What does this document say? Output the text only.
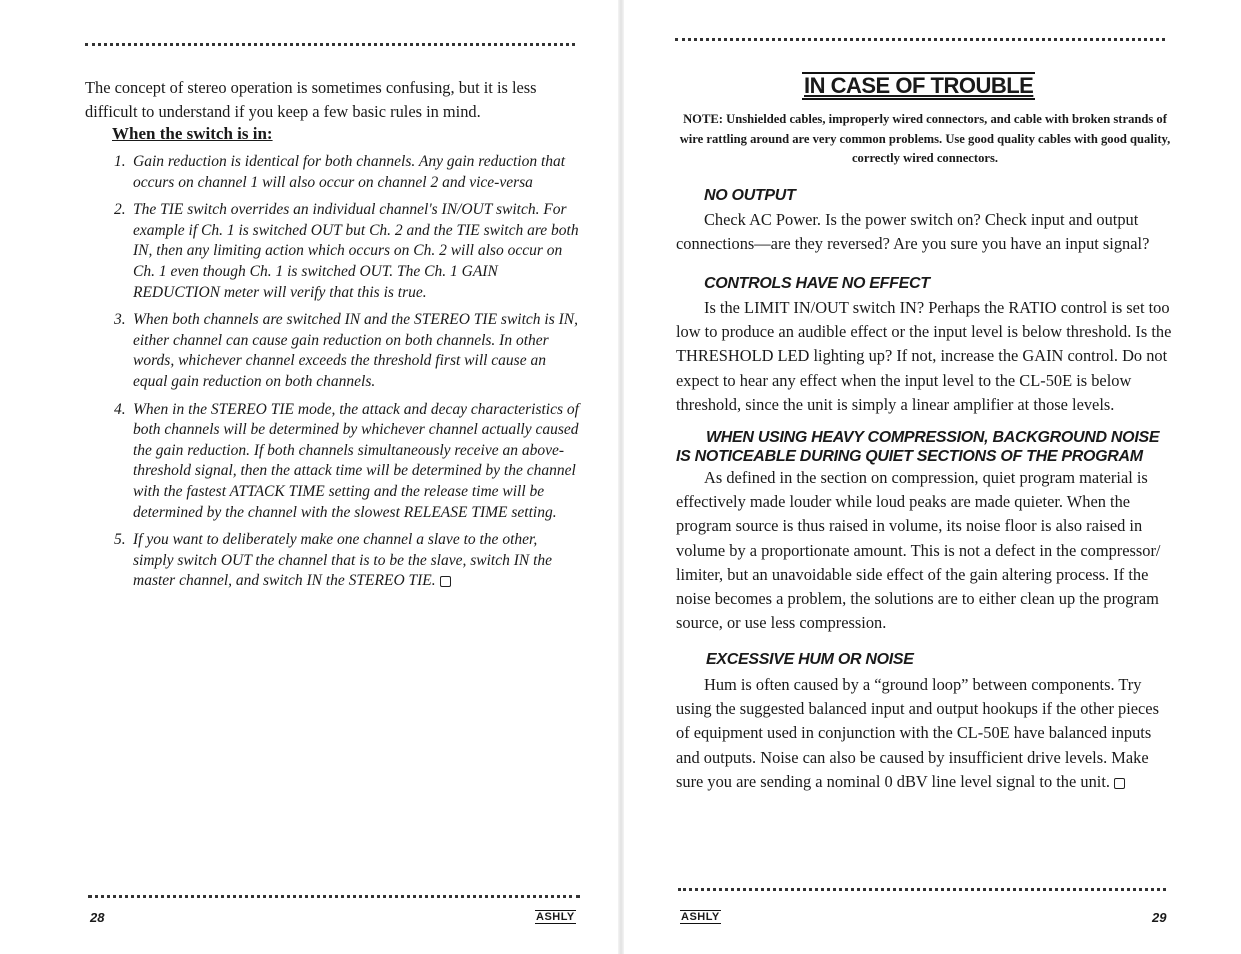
The concept of stereo operation is sometimes confusing, but it is less difficult to understand if you keep a few basic rules in mind.

When the switch is in:

1. Gain reduction is identical for both channels. Any gain reduction that occurs on channel 1 will also occur on channel 2 and vice-versa
2. The TIE switch overrides an individual channel's IN/OUT switch. For example if Ch. 1 is switched OUT but Ch. 2 and the TIE switch are both IN, then any limiting action which occurs on Ch. 2 will also occur on Ch. 1 even though Ch. 1 is switched OUT. The Ch. 1 GAIN REDUCTION meter will verify that this is true.
3. When both channels are switched IN and the STEREO TIE switch is IN, either channel can cause gain reduction on both channels. In other words, whichever channel exceeds the threshold first will cause an equal gain reduction on both channels.
4. When in the STEREO TIE mode, the attack and decay characteristics of both channels will be determined by whichever channel actually caused the gain reduction. If both channels simultaneously receive an above-threshold signal, then the attack time will be determined by the channel with the fastest ATTACK TIME setting and the release time will be determined by the channel with the slowest RELEASE TIME setting.
5. If you want to deliberately make one channel a slave to the other, simply switch OUT the channel that is to be the slave, switch IN the master channel, and switch IN the STEREO TIE.
28	ASHLY
IN CASE OF TROUBLE

NOTE: Unshielded cables, improperly wired connectors, and cable with broken strands of wire rattling around are very common problems. Use good quality cables with good quality, correctly wired connectors.

NO OUTPUT

Check AC Power. Is the power switch on? Check input and output connections—are they reversed? Are you sure you have an input signal?

CONTROLS HAVE NO EFFECT

Is the LIMIT IN/OUT switch IN? Perhaps the RATIO control is set too low to produce an audible effect or the input level is below threshold. Is the THRESHOLD LED lighting up? If not, increase the GAIN control. Do not expect to hear any effect when the input level to the CL-50E is below threshold, since the unit is simply a linear amplifier at those levels.

WHEN USING HEAVY COMPRESSION, BACKGROUND NOISE IS NOTICEABLE DURING QUIET SECTIONS OF THE PROGRAM

As defined in the section on compression, quiet program material is effectively made louder while loud peaks are made quieter. When the program source is thus raised in volume, its noise floor is also raised in volume by a proportionate amount. This is not a defect in the compressor/ limiter, but an unavoidable side effect of the gain altering process. If the noise becomes a problem, the solutions are to either clean up the program source, or use less compression.

EXCESSIVE HUM OR NOISE

Hum is often caused by a “ground loop” between components. Try using the suggested balanced input and output hookups if the other pieces of equipment used in conjunction with the CL-50E have balanced inputs and outputs. Noise can also be caused by insufficient drive levels. Make sure you are sending a nominal 0 dBV line level signal to the unit.

ASHLY	29
